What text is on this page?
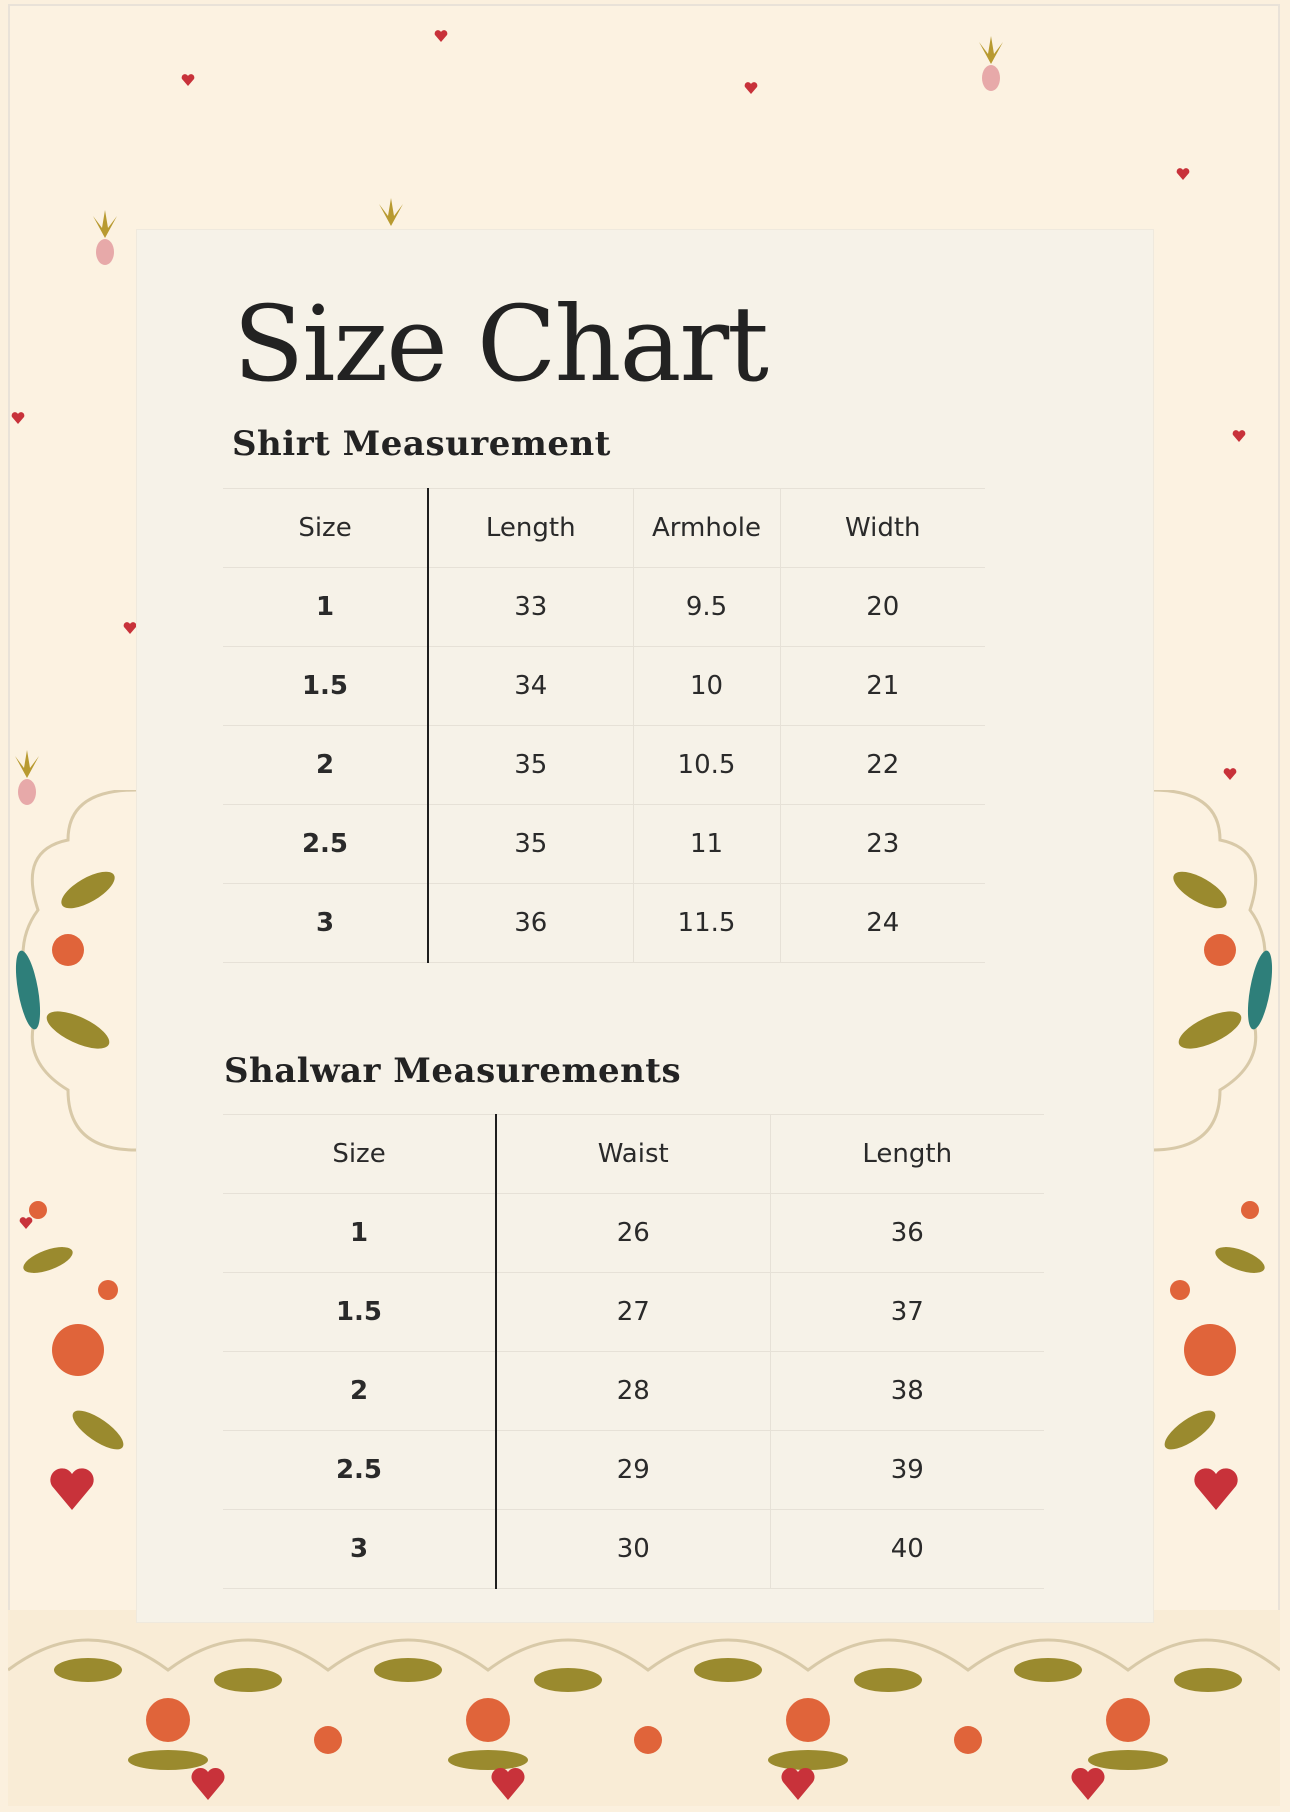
Size Chart
Shirt Measurement
Size	Length	Armhole	Width
1	33	9.5	20
1.5	34	10	21
2	35	10.5	22
2.5	35	11	23
3	36	11.5	24
Shalwar Measurements
Size	Waist	Length
1	26	36
1.5	27	37
2	28	38
2.5	29	39
3	30	40
